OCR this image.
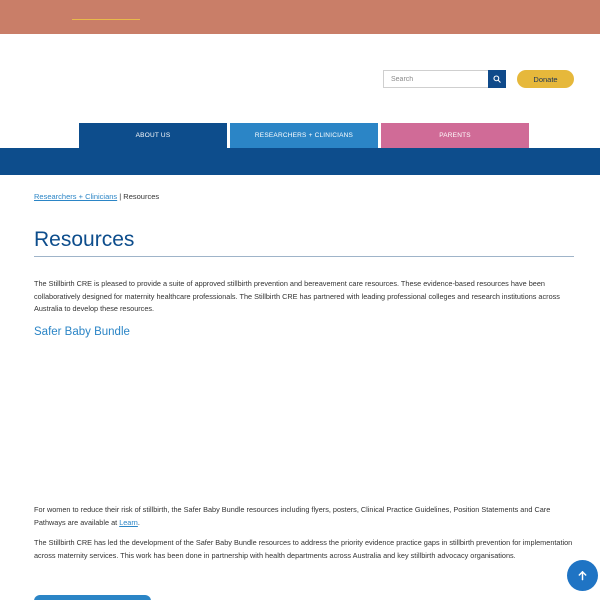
Search
Donate
ABOUT US	RESEARCHERS + CLINICIANS	PARENTS
Researchers + Clinicians | Resources
Resources

The Stillbirth CRE is pleased to provide a suite of approved stillbirth prevention and bereavement care resources. These evidence-based resources have been collaboratively designed for maternity healthcare professionals. The Stillbirth CRE has partnered with leading professional colleges and research institutions across Australia to develop these resources.

Safer Baby Bundle

For women to reduce their risk of stillbirth, the Safer Baby Bundle resources including flyers, posters, Clinical Practice Guidelines, Position Statements and Care Pathways are available at Learn.

The Stillbirth CRE has led the development of the Safer Baby Bundle resources to address the priority evidence practice gaps in stillbirth prevention for implementation across maternity services. This work has been done in partnership with health departments across Australia and key stillbirth advocacy organisations.
